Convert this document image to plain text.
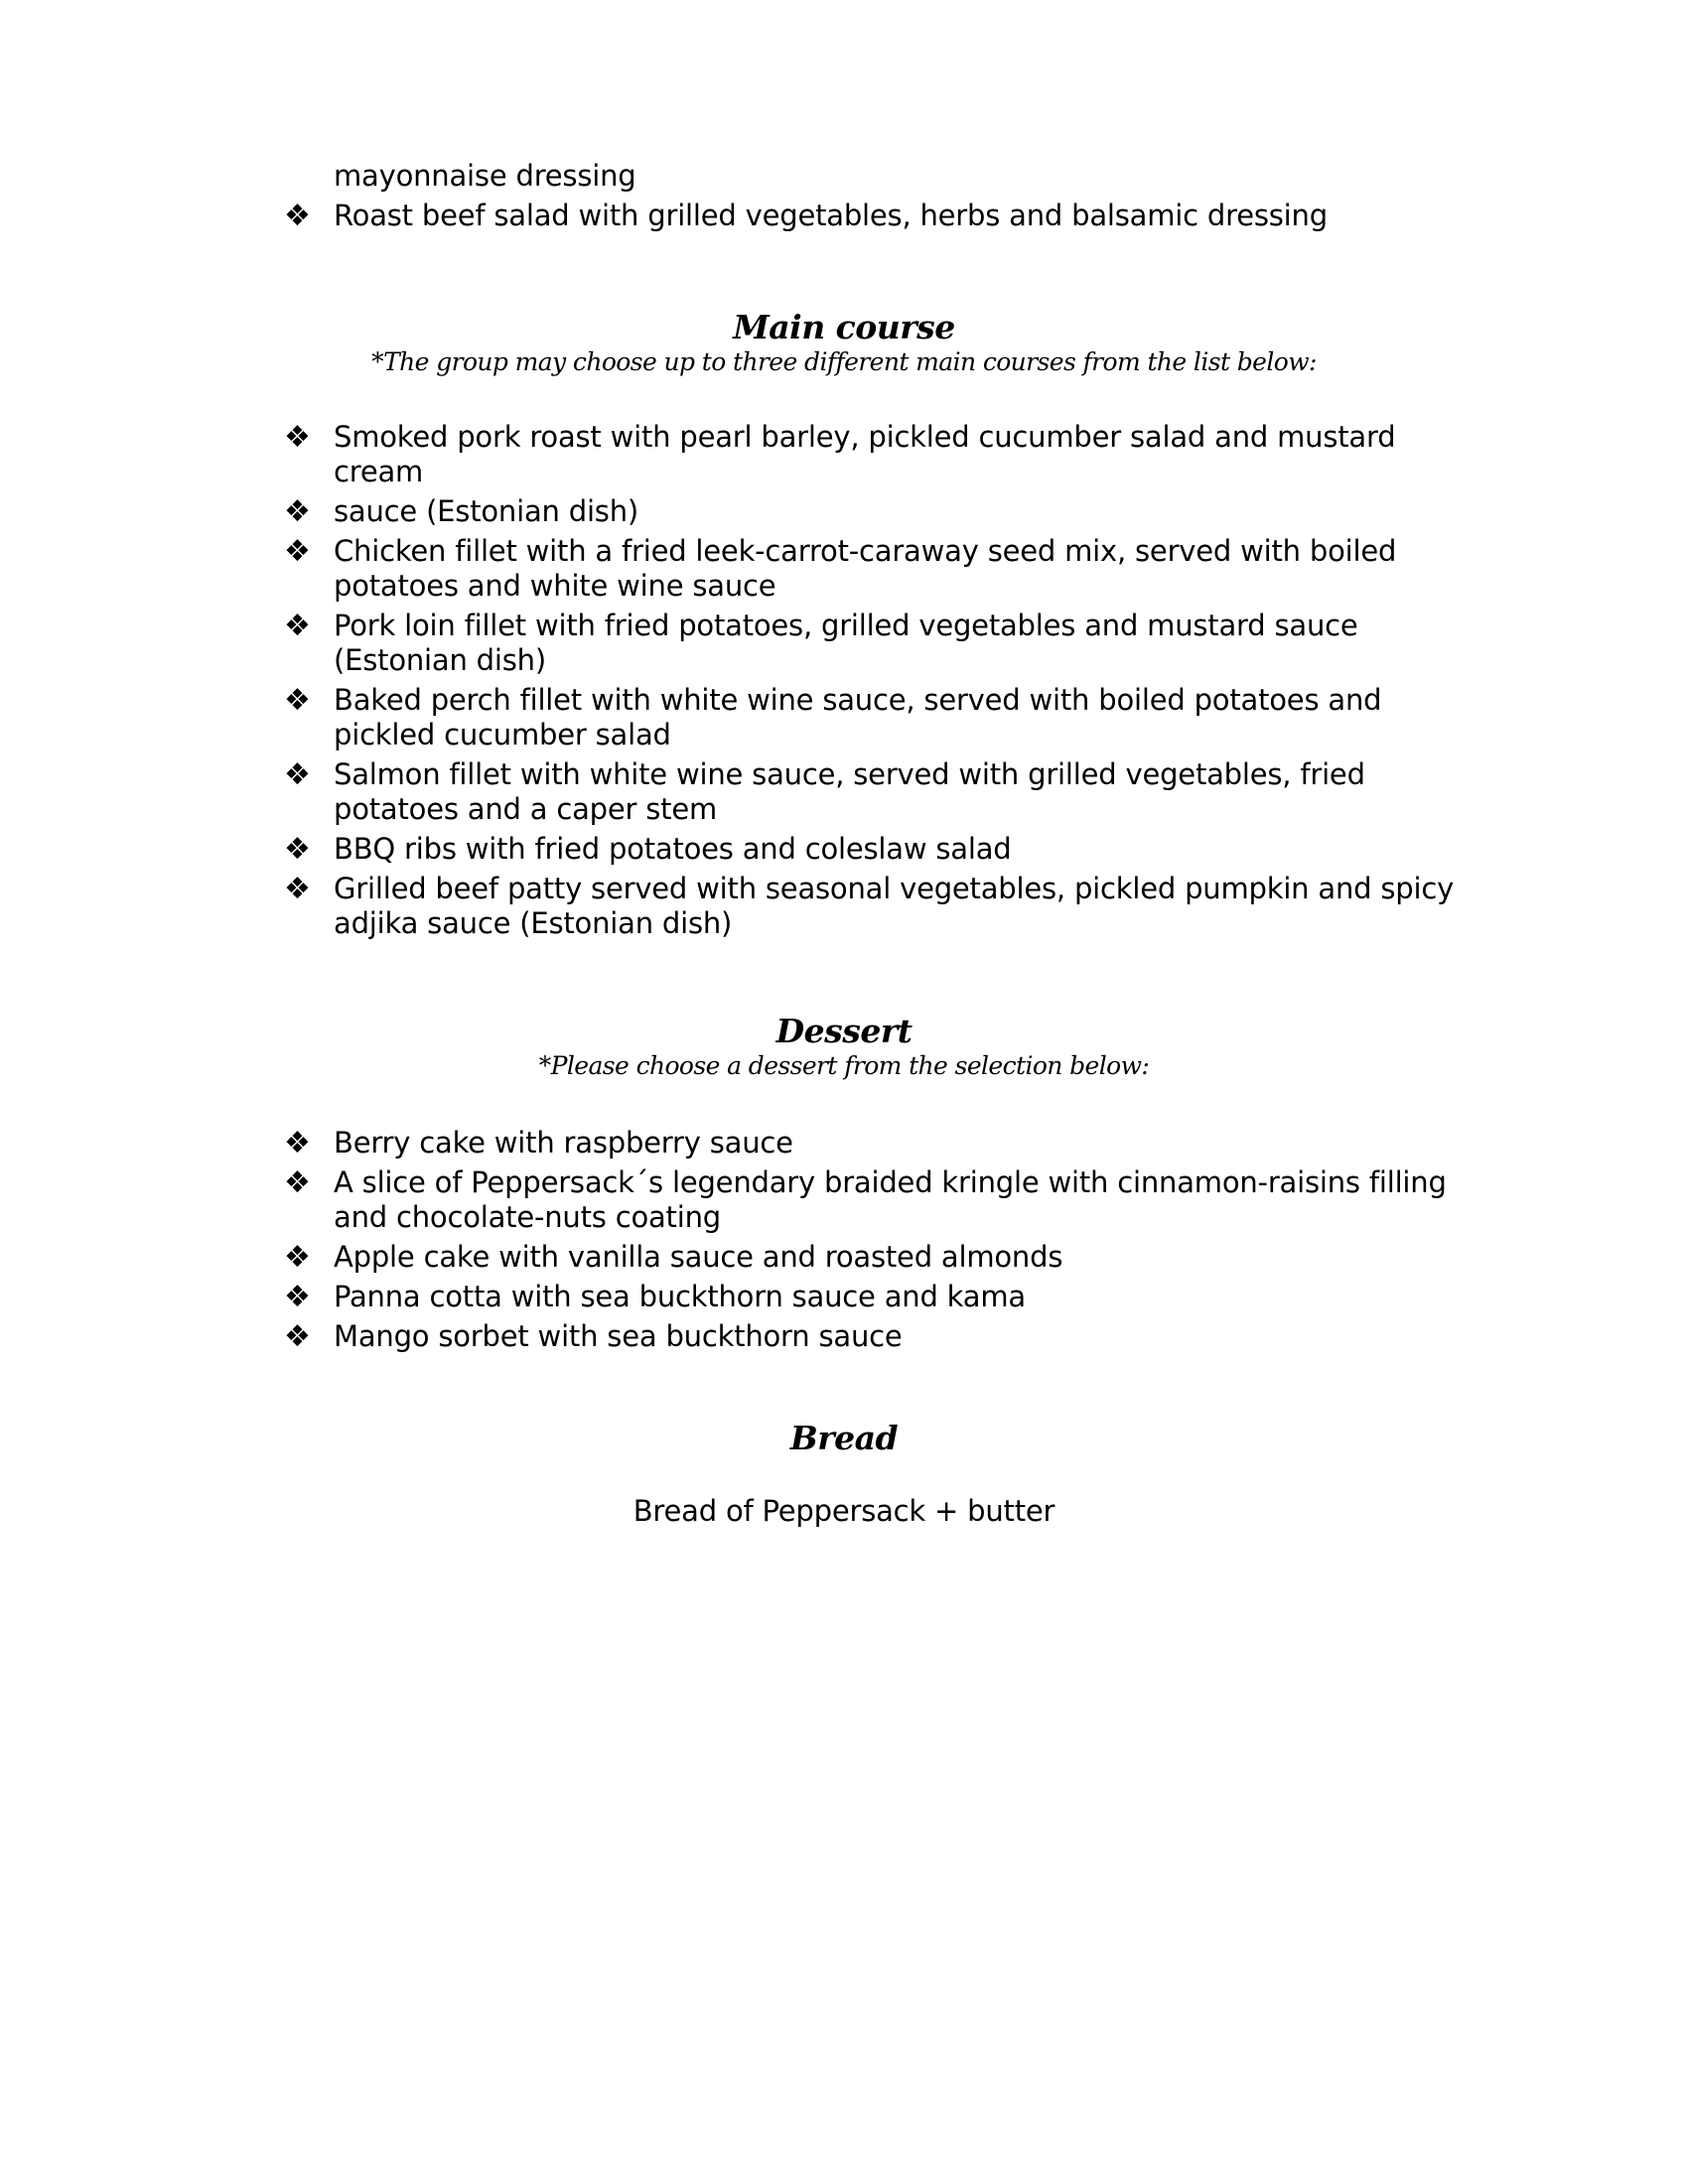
mayonnaise dressing
❖ Roast beef salad with grilled vegetables, herbs and balsamic dressing
Main course

*The group may choose up to three different main courses from the list below:

❖ Smoked pork roast with pearl barley, pickled cucumber salad and mustard cream
❖ sauce (Estonian dish)
❖ Chicken fillet with a fried leek-carrot-caraway seed mix, served with boiled potatoes and white wine sauce
❖ Pork loin fillet with fried potatoes, grilled vegetables and mustard sauce (Estonian dish)
❖ Baked perch fillet with white wine sauce, served with boiled potatoes and pickled cucumber salad
❖ Salmon fillet with white wine sauce, served with grilled vegetables, fried potatoes and a caper stem
❖ BBQ ribs with fried potatoes and coleslaw salad
❖ Grilled beef patty served with seasonal vegetables, pickled pumpkin and spicy adjika sauce (Estonian dish)
Dessert

*Please choose a dessert from the selection below:

❖ Berry cake with raspberry sauce
❖ A slice of Peppersack´s legendary braided kringle with cinnamon-raisins filling and chocolate-nuts coating
❖ Apple cake with vanilla sauce and roasted almonds
❖ Panna cotta with sea buckthorn sauce and kama
❖ Mango sorbet with sea buckthorn sauce
Bread
Bread of Peppersack + butter
